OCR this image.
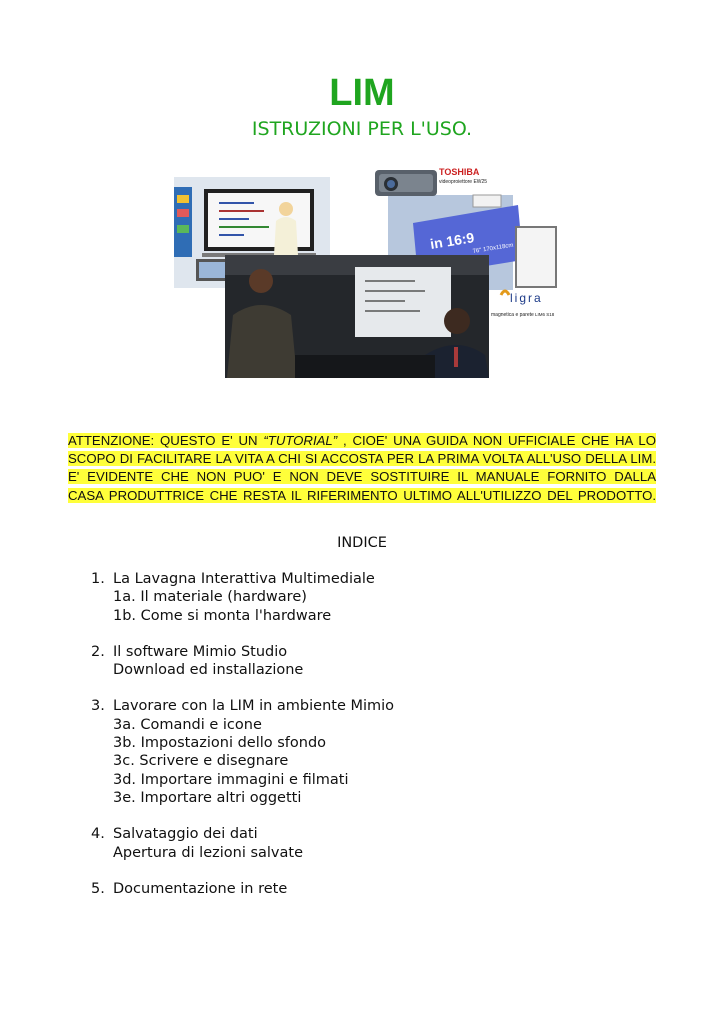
LIM
ISTRUZIONI PER L'USO.
TOSHIBA
videoproiettore EW25
in 16:9
76" 170x118cm
ligra
magnetica e parete LIM6 S18
ATTENZIONE: QUESTO E' UN “TUTORIAL” , CIOE' UNA GUIDA NON UFFICIALE CHE HA LO
SCOPO DI FACILITARE LA VITA A CHI SI ACCOSTA PER LA PRIMA VOLTA ALL'USO DELLA LIM.
E' EVIDENTE CHE NON PUO' E NON DEVE SOSTITUIRE IL MANUALE FORNITO DALLA
CASA PRODUTTRICE CHE RESTA IL RIFERIMENTO ULTIMO ALL'UTILIZZO DEL PRODOTTO.
INDICE
1. La Lavagna Interattiva Multimediale
1a. Il materiale (hardware)
1b. Come si monta l'hardware
2. Il software Mimio Studio
Download ed installazione
3. Lavorare con la LIM in ambiente Mimio
3a. Comandi e icone
3b. Impostazioni dello sfondo
3c. Scrivere e disegnare
3d. Importare immagini e filmati
3e. Importare altri oggetti
4. Salvataggio dei dati
Apertura di lezioni salvate
5. Documentazione in rete
